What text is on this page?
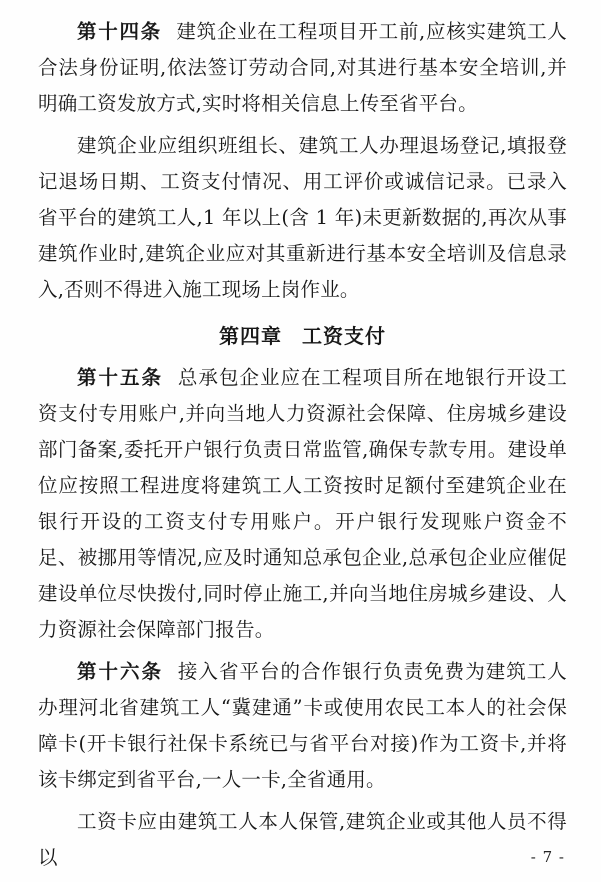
第十四条 建筑企业在工程项目开工前,应核实建筑工人合法身份证明,依法签订劳动合同,对其进行基本安全培训,并明确工资发放方式,实时将相关信息上传至省平台。

建筑企业应组织班组长、建筑工人办理退场登记,填报登记退场日期、工资支付情况、用工评价或诚信记录。已录入省平台的建筑工人,1 年以上(含 1 年)未更新数据的,再次从事建筑作业时,建筑企业应对其重新进行基本安全培训及信息录入,否则不得进入施工现场上岗作业。

第四章 工资支付

第十五条 总承包企业应在工程项目所在地银行开设工资支付专用账户,并向当地人力资源社会保障、住房城乡建设部门备案,委托开户银行负责日常监管,确保专款专用。建设单位应按照工程进度将建筑工人工资按时足额付至建筑企业在银行开设的工资支付专用账户。开户银行发现账户资金不足、被挪用等情况,应及时通知总承包企业,总承包企业应催促建设单位尽快拨付,同时停止施工,并向当地住房城乡建设、人力资源社会保障部门报告。

第十六条 接入省平台的合作银行负责免费为建筑工人办理河北省建筑工人“冀建通”卡或使用农民工本人的社会保障卡(开卡银行社保卡系统已与省平台对接)作为工资卡,并将该卡绑定到省平台,一人一卡,全省通用。

工资卡应由建筑工人本人保管,建筑企业或其他人员不得以	- 7 -
